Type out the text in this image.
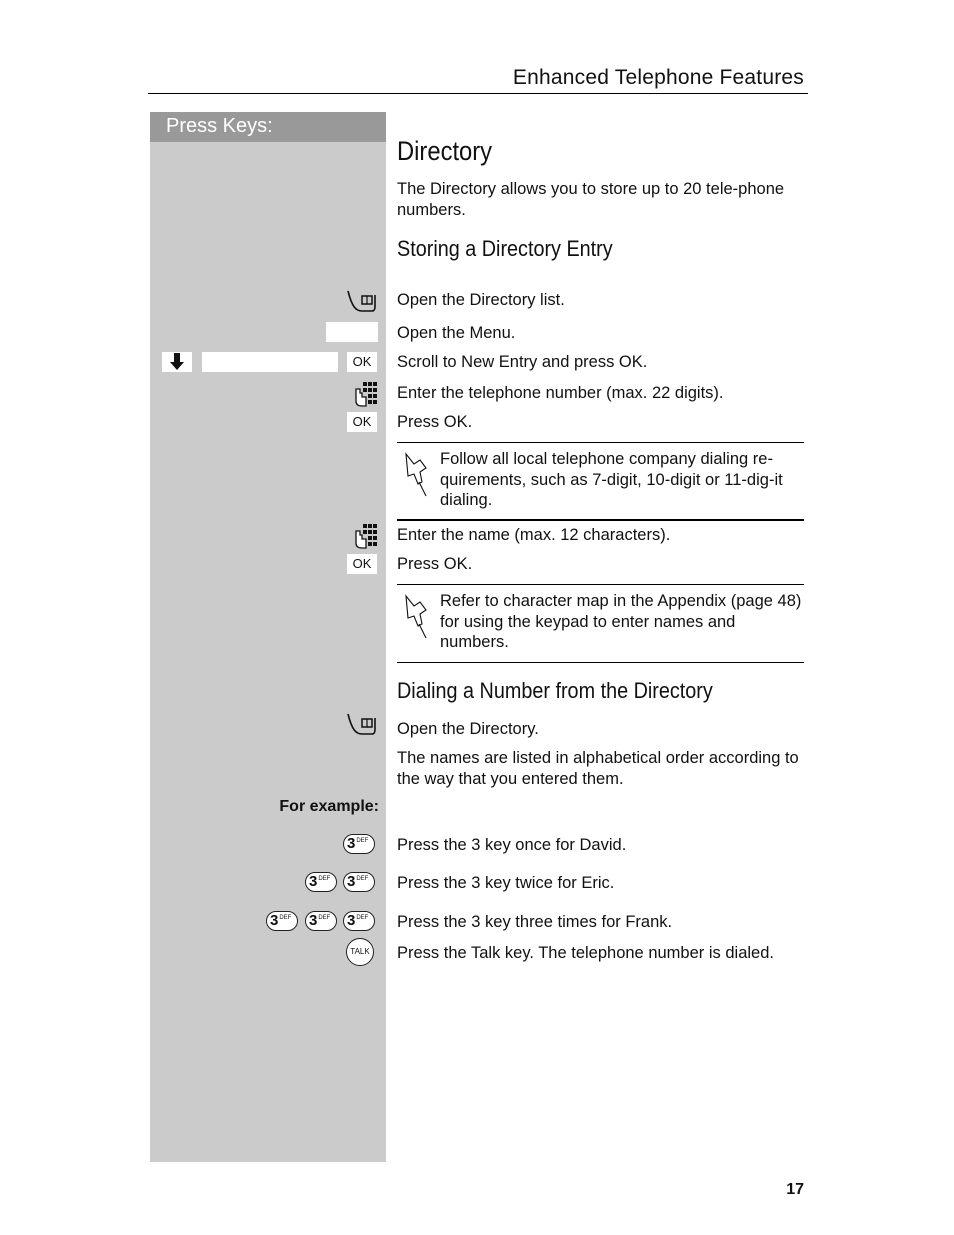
Enhanced Telephone Features
Press Keys:
Directory
The Directory allows you to store up to 20 tele-phone numbers.
Storing a Directory Entry
Open the Directory list.
Open the Menu.
OK	Scroll to New Entry and press OK.
Enter the telephone number (max. 22 digits).
OK	Press OK.
Follow all local telephone company dialing re-quirements, such as 7-digit, 10-digit or 11-dig-it dialing.
Enter the name (max. 12 characters).
OK	Press OK.
Refer to character map in the Appendix (page 48) for using the keypad to enter names and numbers.
Dialing a Number from the Directory
Open the Directory.
The names are listed in alphabetical order according to the way that you entered them.
For example:
$3^{DEF}$	Press the 3 key once for David.
$3^{DEF}$	$3^{DEF}$	Press the 3 key twice for Eric.
$3^{DEF}$	$3^{DEF}$	$3^{DEF}$	Press the 3 key three times for Frank.
TALK Press the Talk key. The telephone number is dialed.
17
